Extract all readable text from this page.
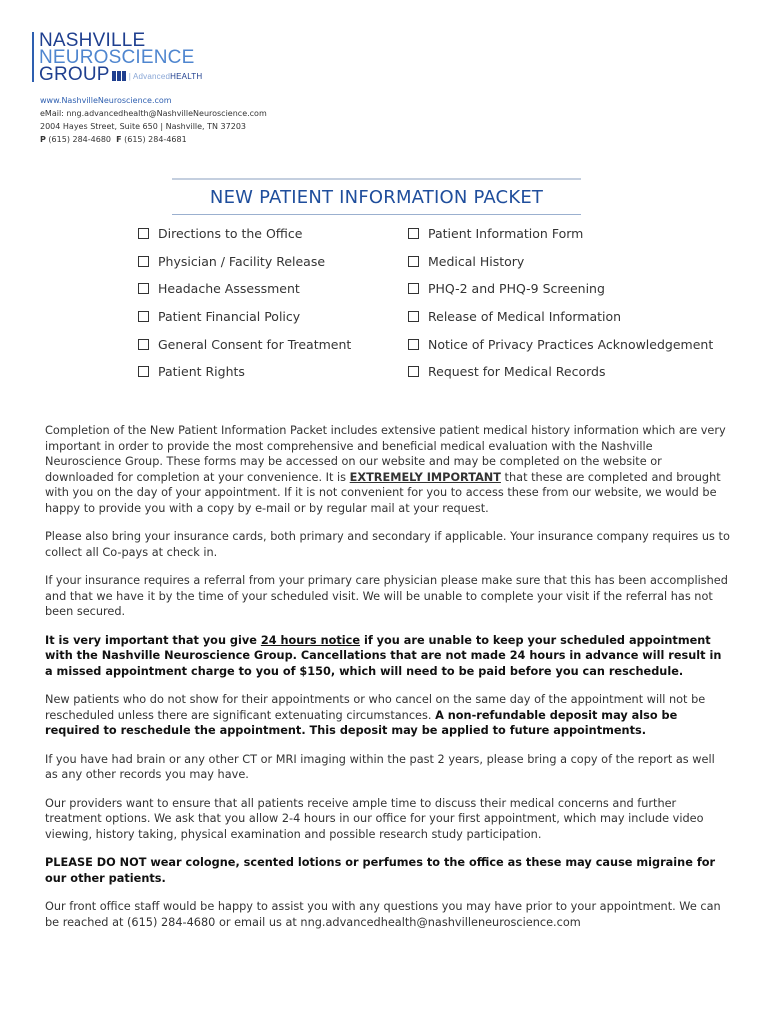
NASHVILLE
NEUROSCIENCE
GROUP | AdvancedHEALTH
www.NashvilleNeuroscience.com
eMail: nng.advancedhealth@NashvilleNeuroscience.com
2004 Hayes Street, Suite 650 | Nashville, TN 37203
P (615) 284-4680 F (615) 284-4681
NEW PATIENT INFORMATION PACKET
Directions to the Office	Patient Information Form
Physician / Facility Release	Medical History
Headache Assessment	PHQ-2 and PHQ-9 Screening
Patient Financial Policy	Release of Medical Information
General Consent for Treatment	Notice of Privacy Practices Acknowledgement
Patient Rights	Request for Medical Records

Completion of the New Patient Information Packet includes extensive patient medical history information which are very important in order to provide the most comprehensive and beneficial medical evaluation with the Nashville Neuroscience Group. These forms may be accessed on our website and may be completed on the website or downloaded for completion at your convenience. It is EXTREMELY IMPORTANT that these are completed and brought with you on the day of your appointment. If it is not convenient for you to access these from our website, we would be happy to provide you with a copy by e-mail or by regular mail at your request.

Please also bring your insurance cards, both primary and secondary if applicable. Your insurance company requires us to collect all Co-pays at check in.

If your insurance requires a referral from your primary care physician please make sure that this has been accomplished and that we have it by the time of your scheduled visit. We will be unable to complete your visit if the referral has not been secured.

It is very important that you give 24 hours notice if you are unable to keep your scheduled appointment with the Nashville Neuroscience Group. Cancellations that are not made 24 hours in advance will result in a missed appointment charge to you of $150, which will need to be paid before you can reschedule.

New patients who do not show for their appointments or who cancel on the same day of the appointment will not be rescheduled unless there are significant extenuating circumstances. A non-refundable deposit may also be required to reschedule the appointment. This deposit may be applied to future appointments.

If you have had brain or any other CT or MRI imaging within the past 2 years, please bring a copy of the report as well as any other records you may have.

Our providers want to ensure that all patients receive ample time to discuss their medical concerns and further treatment options. We ask that you allow 2-4 hours in our office for your first appointment, which may include video viewing, history taking, physical examination and possible research study participation.

PLEASE DO NOT wear cologne, scented lotions or perfumes to the office as these may cause migraine for our other patients.

Our front office staff would be happy to assist you with any questions you may have prior to your appointment. We can be reached at (615) 284-4680 or email us at nng.advancedhealth@nashvilleneuroscience.com
